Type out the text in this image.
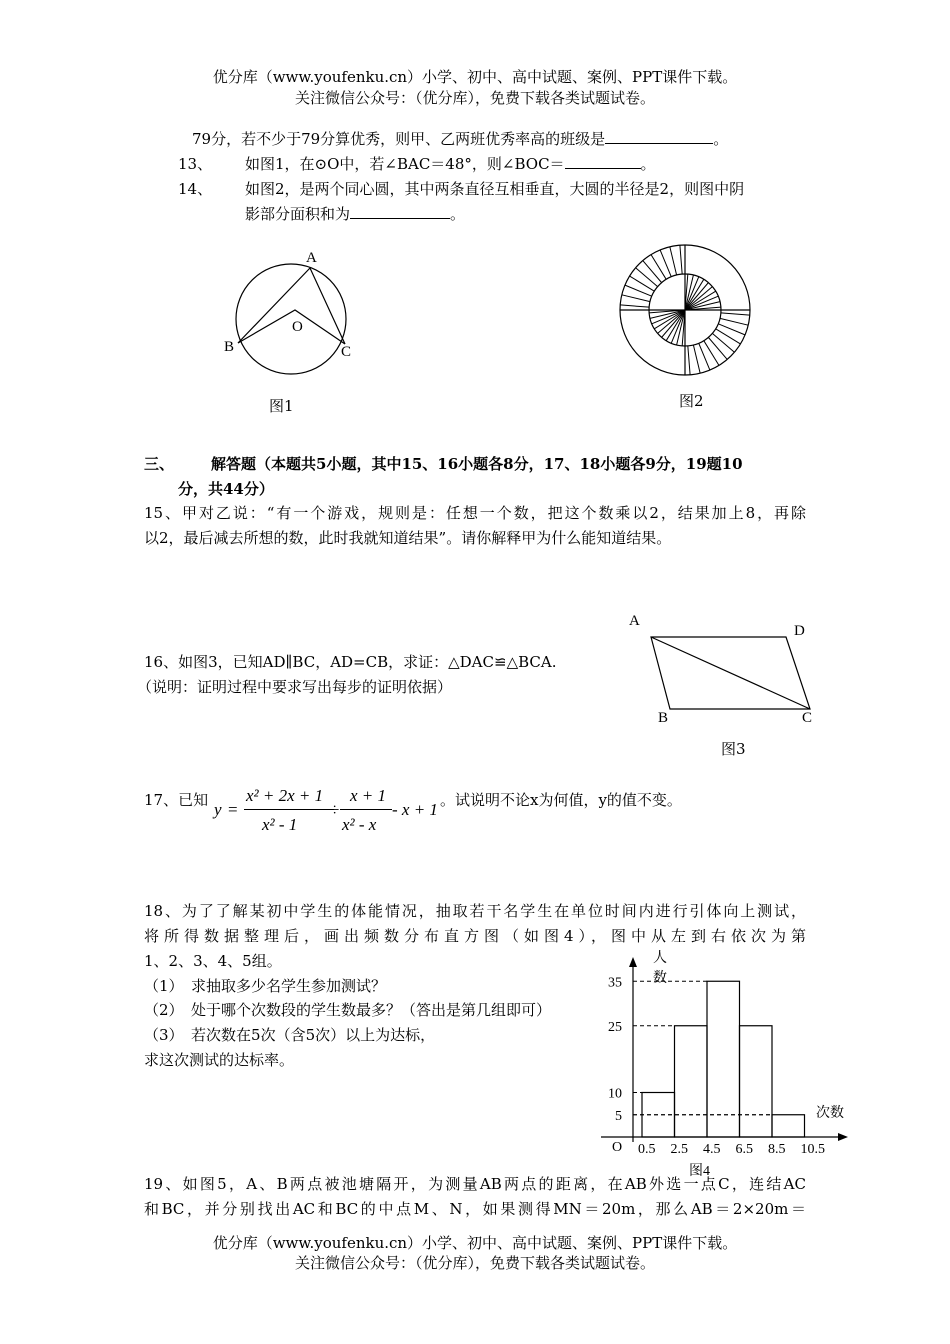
优分库（www.youfenku.cn）小学、初中、高中试题、案例、PPT课件下载。
关注微信公众号：（优分库），免费下载各类试题试卷。
79分，若不少于79分算优秀，则甲、乙两班优秀率高的班级是	。
13、 如图1，在⊙O中，若∠BAC＝48°，则∠BOC＝	。
14、 如图2，是两个同心圆，其中两条直径互相垂直，大圆的半径是2，则图中阴
影部分面积和为	。
A
B	C
O
图1	图2
三、 解答题（本题共5小题，其中15、16小题各8分，17、18小题各9分，19题10
分，共44分）
15、甲对乙说：“有一个游戏，规则是：任想一个数，把这个数乘以2，结果加上8，再除
以2，最后减去所想的数，此时我就知道结果”。请你解释甲为什么能知道结果。
16、如图3，已知AD∥BC，AD=CB，求证：△DAC≌△BCA.
（说明：证明过程中要求写出每步的证明依据）
A
D
B	C
图3
17、已知 y =
x² + 2x + 1
x² - 1
÷
x + 1
x² - x
- x + 1 。试说明不论x为何值，y的值不变。
18、为了了解某初中学生的体能情况，抽取若干名学生在单位时间内进行引体向上测试，
将所得数据整理后，画出频数分布直方图（如图4），图中从左到右依次为第
1、2、3、4、5组。
（1）　求抽取多少名学生参加测试？
（2）　处于哪个次数段的学生数最多？（答出是第几组即可）
（3）　若次数在5次（含5次）以上为达标，
求这次测试的达标率。
0.5 2.5 4.5 6.5 8.5 10.5
5
10
25
35
O
次数
人
数
图4
19、如图5，A、B两点被池塘隔开，为测量AB两点的距离，在AB外选一点C，连结AC
和BC，并分别找出AC和BC的中点M、N，如果测得MN＝20m，那么AB＝2×20m＝
优分库（www.youfenku.cn）小学、初中、高中试题、案例、PPT课件下载。
关注微信公众号：（优分库），免费下载各类试题试卷。
